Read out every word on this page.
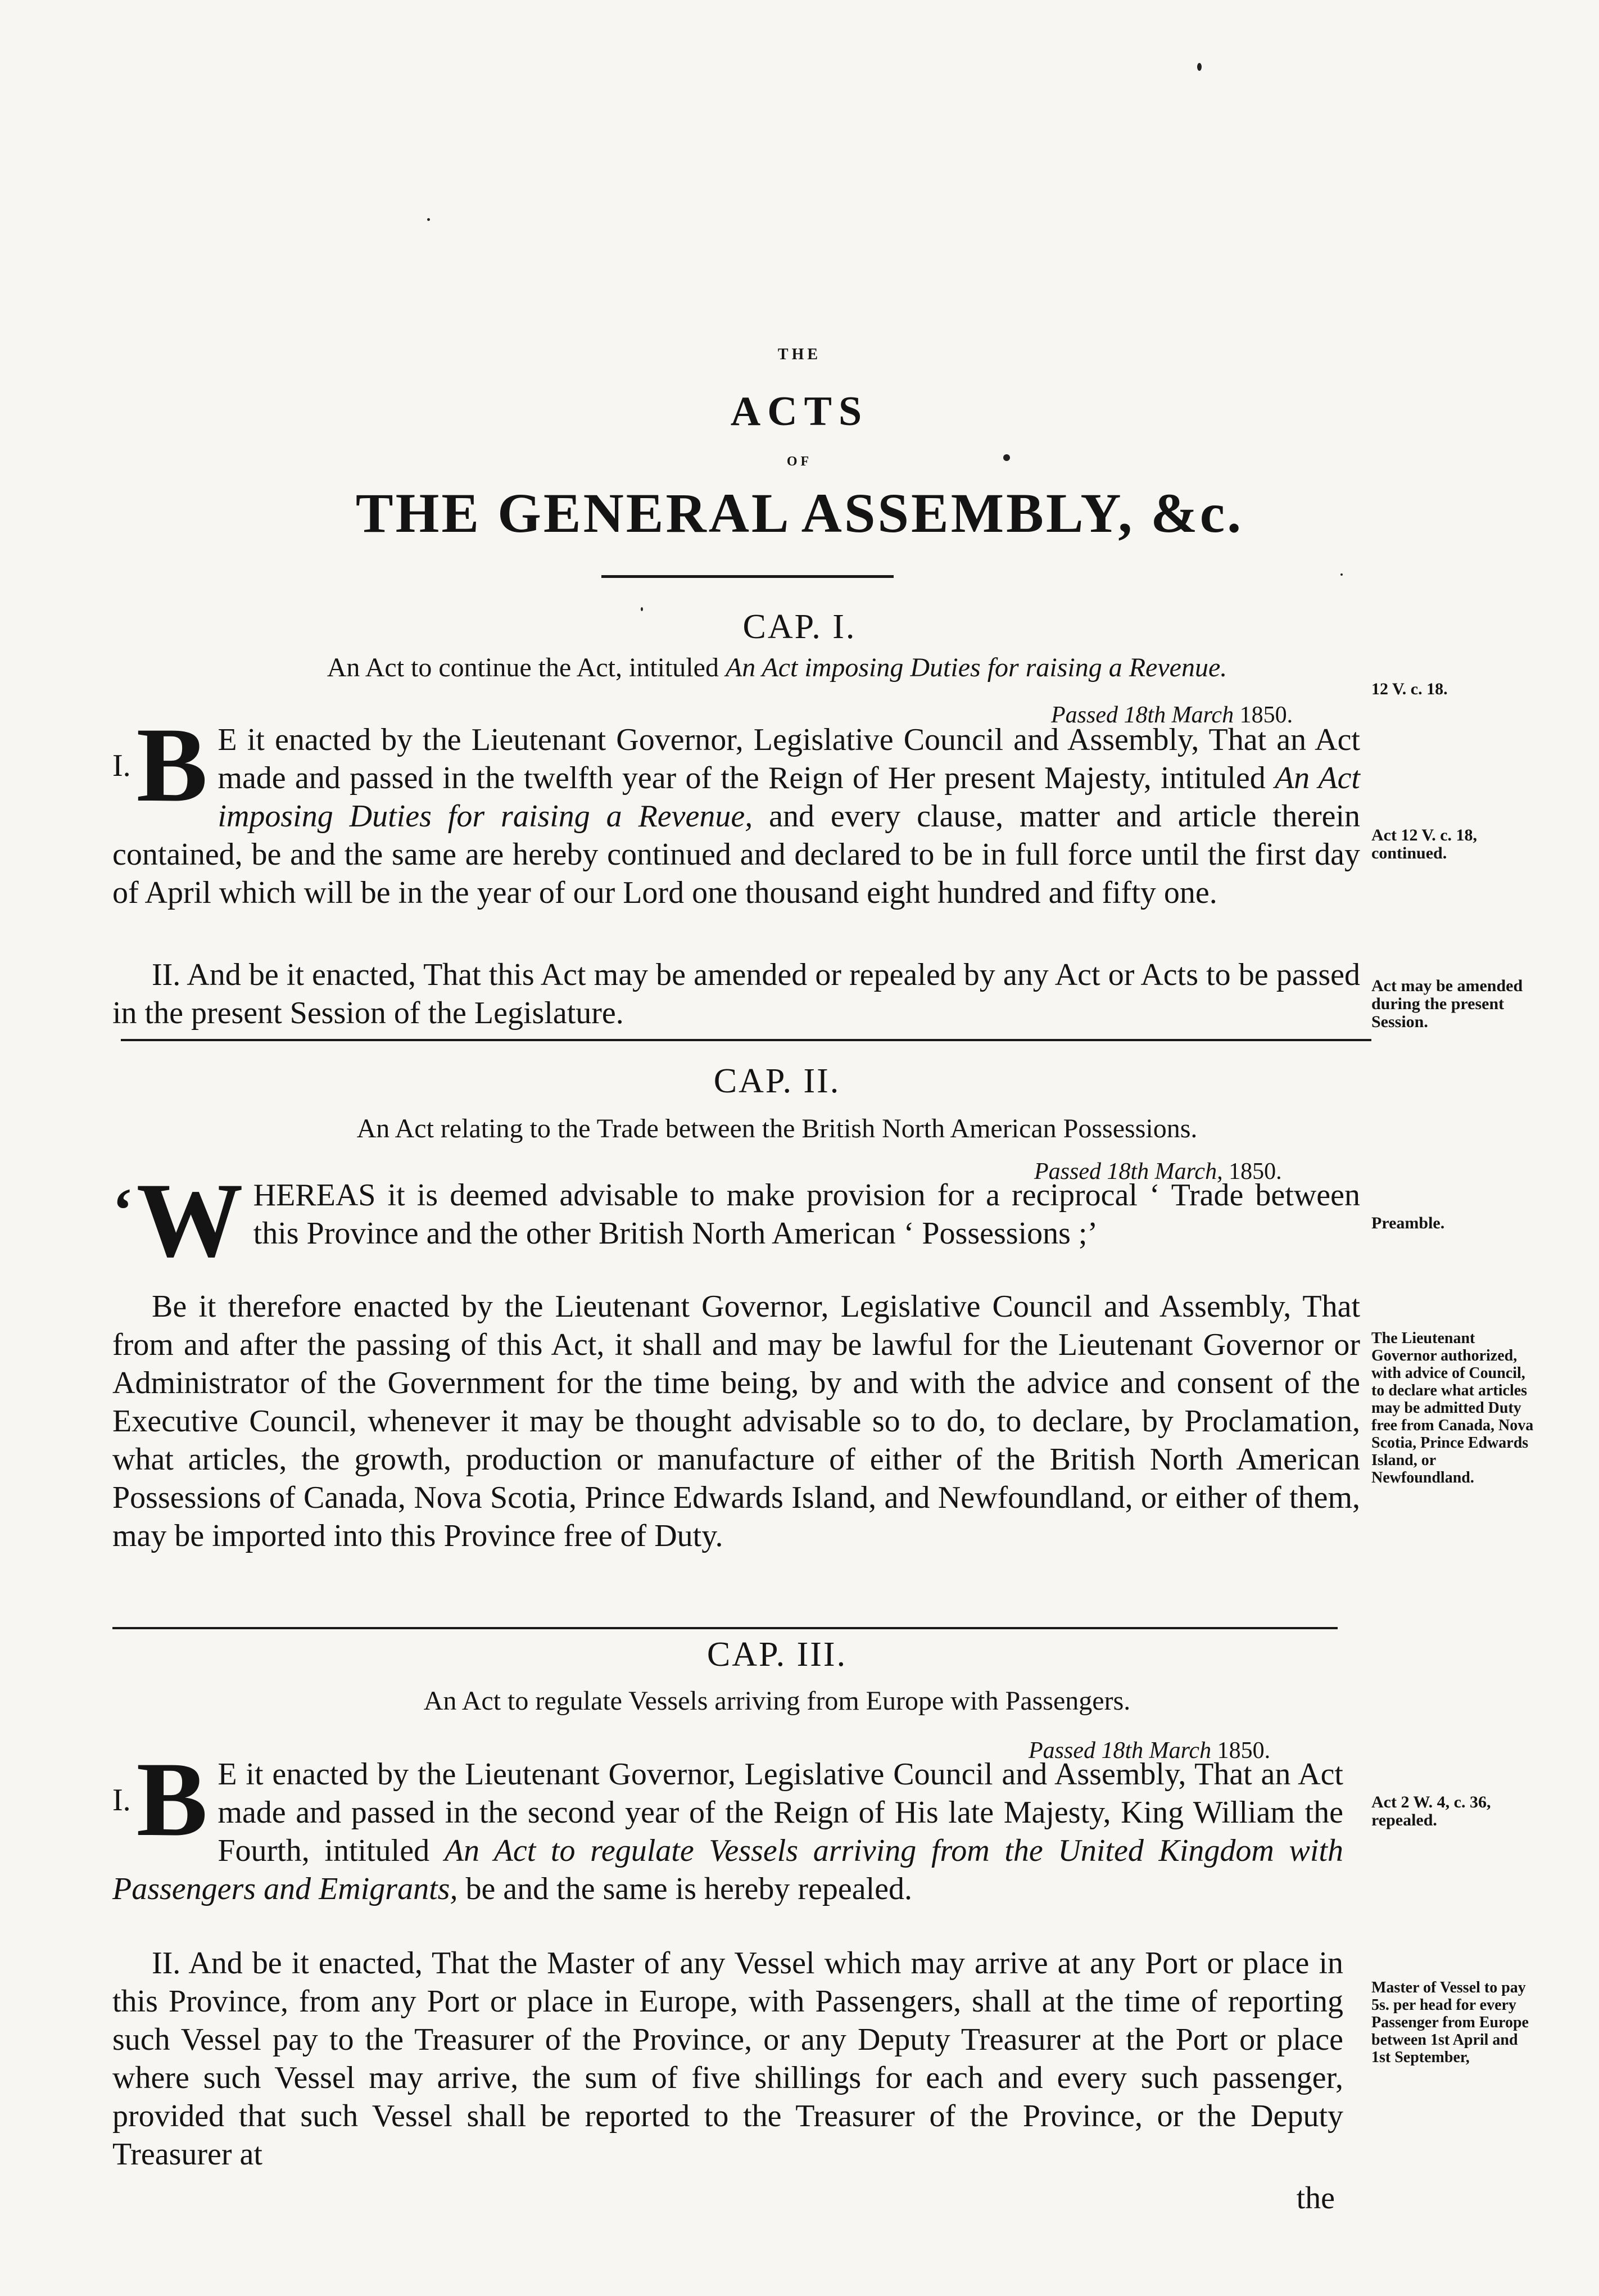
THE
ACTS
OF
THE GENERAL ASSEMBLY, &c.
CAP. I.
An Act to continue the Act, intituled An Act imposing Duties for raising a Revenue.
12 V. c. 18.
Passed 18th March 1850.
I. B E it enacted by the Lieutenant Governor, Legislative Council and Assembly, That an Act made and passed in the twelfth year of the Reign of Her present Majesty, intituled An Act imposing Duties for raising a Revenue, and every clause, matter and article therein contained, be and the same are hereby continued and declared to be in full force until the first day of April which will be in the year of our Lord one thousand eight hundred and fifty one.

Act 12 V. c. 18, continued.

II. And be it enacted, That this Act may be amended or repealed by any Act or Acts to be passed in the present Session of the Legislature.

Act may be amended during the present Session.
CAP. II.
An Act relating to the Trade between the British North American Possessions.
Passed 18th March, 1850.
‘ W HEREAS it is deemed advisable to make provision for a reciprocal ‘ Trade between this Province and the other British North American ‘ Possessions ;’	Preamble.

Be it therefore enacted by the Lieutenant Governor, Legislative Council and Assembly, That from and after the passing of this Act, it shall and may be lawful for the Lieutenant Governor or Administrator of the Government for the time being, by and with the advice and consent of the Executive Council, whenever it may be thought advisable so to do, to declare, by Proclamation, what articles, the growth, production or manufacture of either of the British North American Possessions of Canada, Nova Scotia, Prince Edwards Island, and Newfoundland, or either of them, may be imported into this Province free of Duty.

The Lieutenant Governor authorized, with advice of Council, to declare what articles may be admitted Duty free from Canada, Nova Scotia, Prince Edwards Island, or Newfoundland.
CAP. III.
An Act to regulate Vessels arriving from Europe with Passengers.
Passed 18th March 1850.
I. B E it enacted by the Lieutenant Governor, Legislative Council and Assembly, That an Act made and passed in the second year of the Reign of His late Majesty, King William the Fourth, intituled An Act to regulate Vessels arriving from the United Kingdom with Passengers and Emigrants, be and the same is hereby repealed.

Act 2 W. 4, c. 36, repealed.

II. And be it enacted, That the Master of any Vessel which may arrive at any Port or place in this Province, from any Port or place in Europe, with Passengers, shall at the time of reporting such Vessel pay to the Treasurer of the Province, or any Deputy Treasurer at the Port or place where such Vessel may arrive, the sum of five shillings for each and every such passenger, provided that such Vessel shall be reported to the Treasurer of the Province, or the Deputy Treasurer at

Master of Vessel to pay 5s. per head for every Passenger from Europe between 1st April and 1st September,
the
